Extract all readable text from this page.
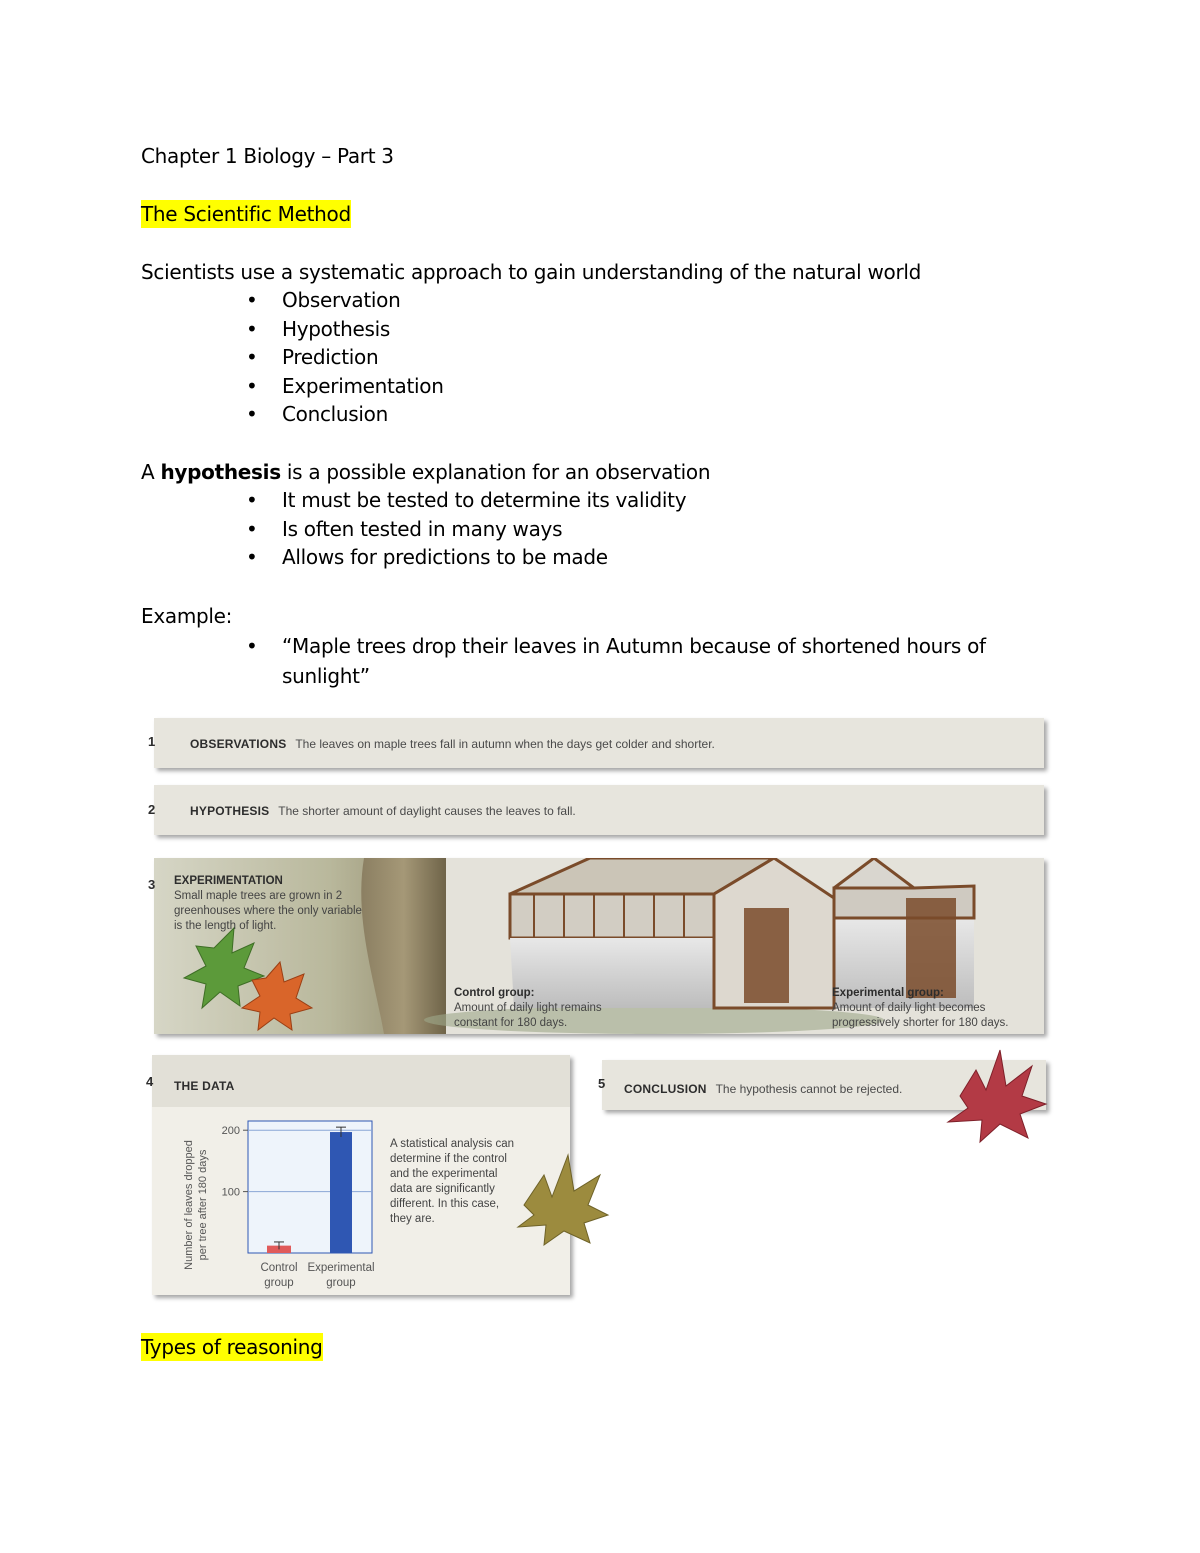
Chapter 1 Biology – Part 3
The Scientific Method
Scientists use a systematic approach to gain understanding of the natural world
• Observation
• Hypothesis
• Prediction
• Experimentation
• Conclusion
A hypothesis is a possible explanation for an observation
• It must be tested to determine its validity
• Is often tested in many ways
• Allows for predictions to be made
Example:
•	“Maple trees drop their leaves in Autumn because of shortened hours of sunlight”
OBSERVATIONS The leaves on maple trees fall in autumn when the days get colder and shorter.
1
HYPOTHESIS The shorter amount of daylight causes the leaves to fall.
2
EXPERIMENTATION
Small maple trees are grown in 2 greenhouses where the only variable is the length of light.
Control group:
Amount of daily light remains constant for 180 days.
Experimental group:
Amount of daily light becomes progressively shorter for 180 days.
3
THE DATA
100
200
Control
group
Experimental
group
Number of leaves dropped per tree after 180 days
A statistical analysis can determine if the control and the experimental data are significantly different. In this case, they are.
4	CONCLUSION The hypothesis cannot be rejected.
5
Types of reasoning
